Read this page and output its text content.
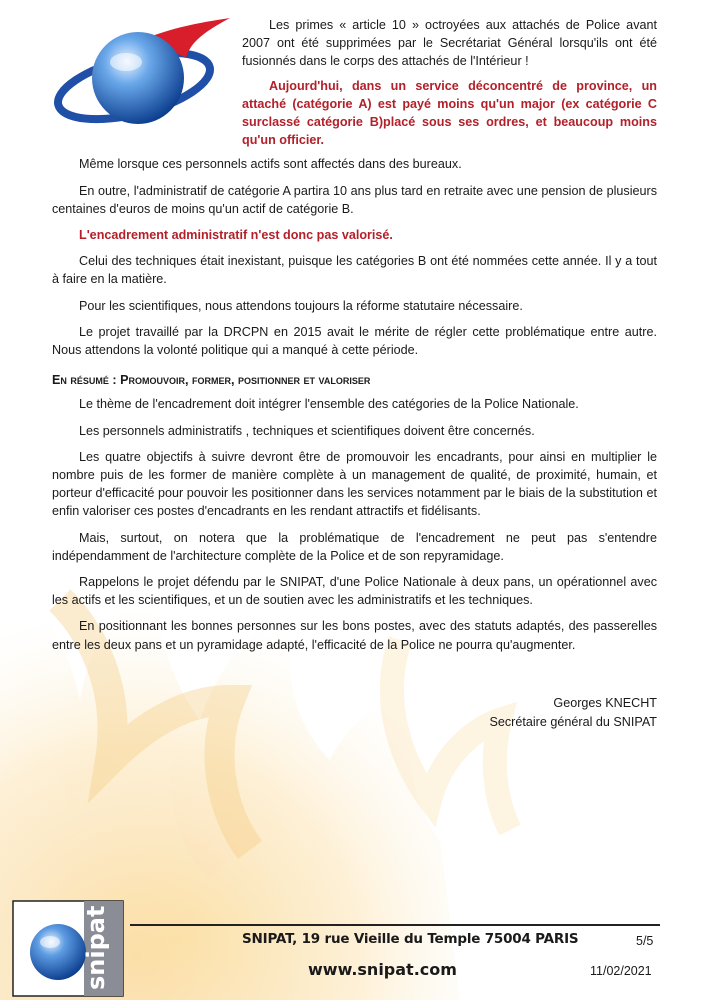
Les primes « article 10 » octroyées aux attachés de Police avant 2007 ont été supprimées par le Secrétariat Général lorsqu'ils ont été fusionnés dans le corps des attachés de l'Intérieur !

Aujourd'hui, dans un service déconcentré de province, un attaché (catégorie A) est payé moins qu'un major (ex catégorie C surclassé catégorie B)placé sous ses ordres, et beaucoup moins qu'un officier.

Même lorsque ces personnels actifs sont affectés dans des bureaux.

En outre, l'administratif de catégorie A partira 10 ans plus tard en retraite avec une pension de plusieurs centaines d'euros de moins qu'un actif de catégorie B.

L'encadrement administratif n'est donc pas valorisé.

Celui des techniques était inexistant, puisque les catégories B ont été nommées cette année. Il y a tout à faire en la matière.

Pour les scientifiques, nous attendons toujours la réforme statutaire nécessaire.

Le projet travaillé par la DRCPN en 2015 avait le mérite de régler cette problématique entre autre. Nous attendons la volonté politique qui a manqué à cette période.

En résumé : Promouvoir, former, positionner et valoriser

Le thème de l'encadrement doit intégrer l'ensemble des catégories de la Police Nationale.

Les personnels administratifs , techniques et scientifiques doivent être concernés.

Les quatre objectifs à suivre devront être de promouvoir les encadrants, pour ainsi en multiplier le nombre puis de les former de manière complète à un management de qualité, de proximité, humain, et porteur d'efficacité pour pouvoir les positionner dans les services notamment par le biais de la substitution et enfin valoriser ces postes d'encadrants en les rendant attractifs et fidélisants.

Mais, surtout, on notera que la problématique de l'encadrement ne peut pas s'entendre indépendamment de l'architecture complète de la Police et de son repyramidage.

Rappelons le projet défendu par le SNIPAT, d'une Police Nationale à deux pans, un opérationnel avec les actifs et les scientifiques, et un de soutien avec les administratifs et les techniques.

En positionnant les bonnes personnes sur les bons postes, avec des statuts adaptés, des passerelles entre les deux pans et un pyramidage adapté, l'efficacité de la Police ne pourra qu'augmenter.

Georges KNECHT
Secrétaire général du SNIPAT
snipat	SNIPAT, 19 rue Vieille du Temple 75004 PARIS	5/5
www.snipat.com	11/02/2021
